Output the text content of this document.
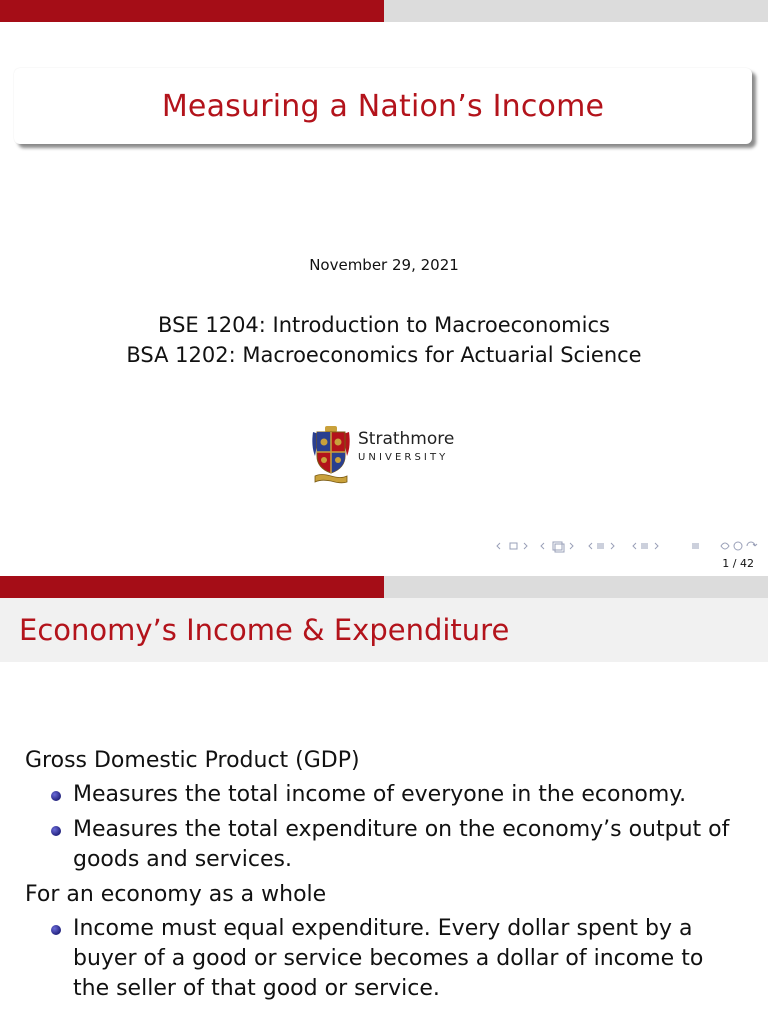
Measuring a Nation’s Income
November 29, 2021
BSE 1204: Introduction to Macroeconomics
BSA 1202: Macroeconomics for Actuarial Science
Strathmore
UNIVERSITY
1 / 42
Economy’s Income & Expenditure
Gross Domestic Product (GDP)
Measures the total income of everyone in the economy.
Measures the total expenditure on the economy’s output of goods and services.
For an economy as a whole
Income must equal expenditure. Every dollar spent by a buyer of a good or service becomes a dollar of income to the seller of that good or service.
